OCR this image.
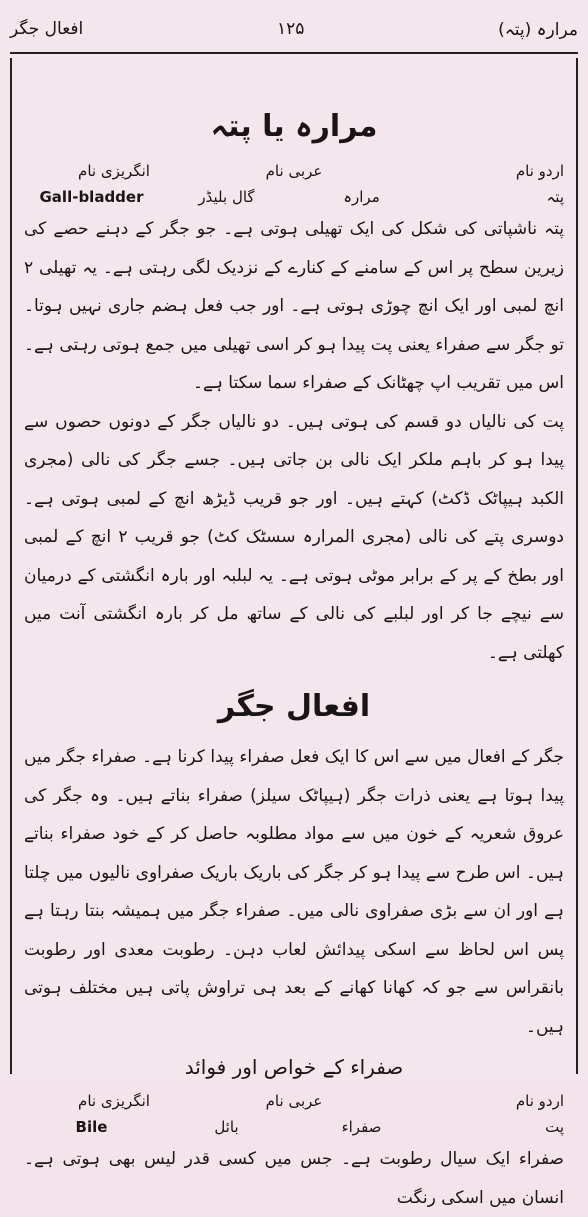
افعال جگر	۱۲۵	مرارہ (پتہ)
مرارہ یا پتہ
اردو نام
عربی نام
انگریزی نام
پتہ
مرارہ
گال بلیڈر
Gall-bladder

پتہ ناشپاتی کی شکل کی ایک تھیلی ہوتی ہے۔ جو جگر کے دہنے حصے کی زیرین سطح پر اس کے سامنے کے کنارے کے نزدیک لگی رہتی ہے۔ یہ تھیلی ۲ انچ لمبی اور ایک انچ چوڑی ہوتی ہے۔ اور جب فعل ہضم جاری نہیں ہوتا۔ تو جگر سے صفراء یعنی پت پیدا ہو کر اسی تھیلی میں جمع ہوتی رہتی ہے۔ اس میں تقریب اپ چھٹانک کے صفراء سما سکتا ہے۔

پت کی نالیاں دو قسم کی ہوتی ہیں۔ دو نالیاں جگر کے دونوں حصوں سے پیدا ہو کر باہم ملکر ایک نالی بن جاتی ہیں۔ جسے جگر کی نالی (مجری الکبد ہیپاٹک ڈکٹ) کہتے ہیں۔ اور جو قریب ڈیڑھ انچ کے لمبی ہوتی ہے۔ دوسری پتے کی نالی (مجری المرارہ سسٹک کٹ) جو قریب ۲ انچ کے لمبی اور بطخ کے پر کے برابر موٹی ہوتی ہے۔ یہ لبلبہ اور بارہ انگشتی کے درمیان سے نیچے جا کر اور لبلبے کی نالی کے ساتھ مل کر بارہ انگشتی آنت میں کھلتی ہے۔

افعال جگر

جگر کے افعال میں سے اس کا ایک فعل صفراء پیدا کرنا ہے۔ صفراء جگر میں پیدا ہوتا ہے یعنی ذرات جگر (ہیپاٹک سیلز) صفراء بناتے ہیں۔ وہ جگر کی عروق شعریہ کے خون میں سے مواد مطلوبہ حاصل کر کے خود صفراء بناتے ہیں۔ اس طرح سے پیدا ہو کر جگر کی باریک باریک صفراوی نالیوں میں چلتا ہے اور ان سے بڑی صفراوی نالی میں۔ صفراء جگر میں ہمیشہ بنتا رہتا ہے پس اس لحاظ سے اسکی پیدائش لعاب دہن۔ رطوبت معدی اور رطوبت بانقراس سے جو کہ کھانا کھانے کے بعد ہی تراوش پاتی ہیں مختلف ہوتی ہیں۔

صفراء کے خواص اور فوائد
اردو نام
عربی نام
انگریزی نام
پت
صفراء
بائل
Bile

صفراء ایک سیال رطوبت ہے۔ جس میں کسی قدر لیس بھی ہوتی ہے۔ انسان میں اسکی رنگت
